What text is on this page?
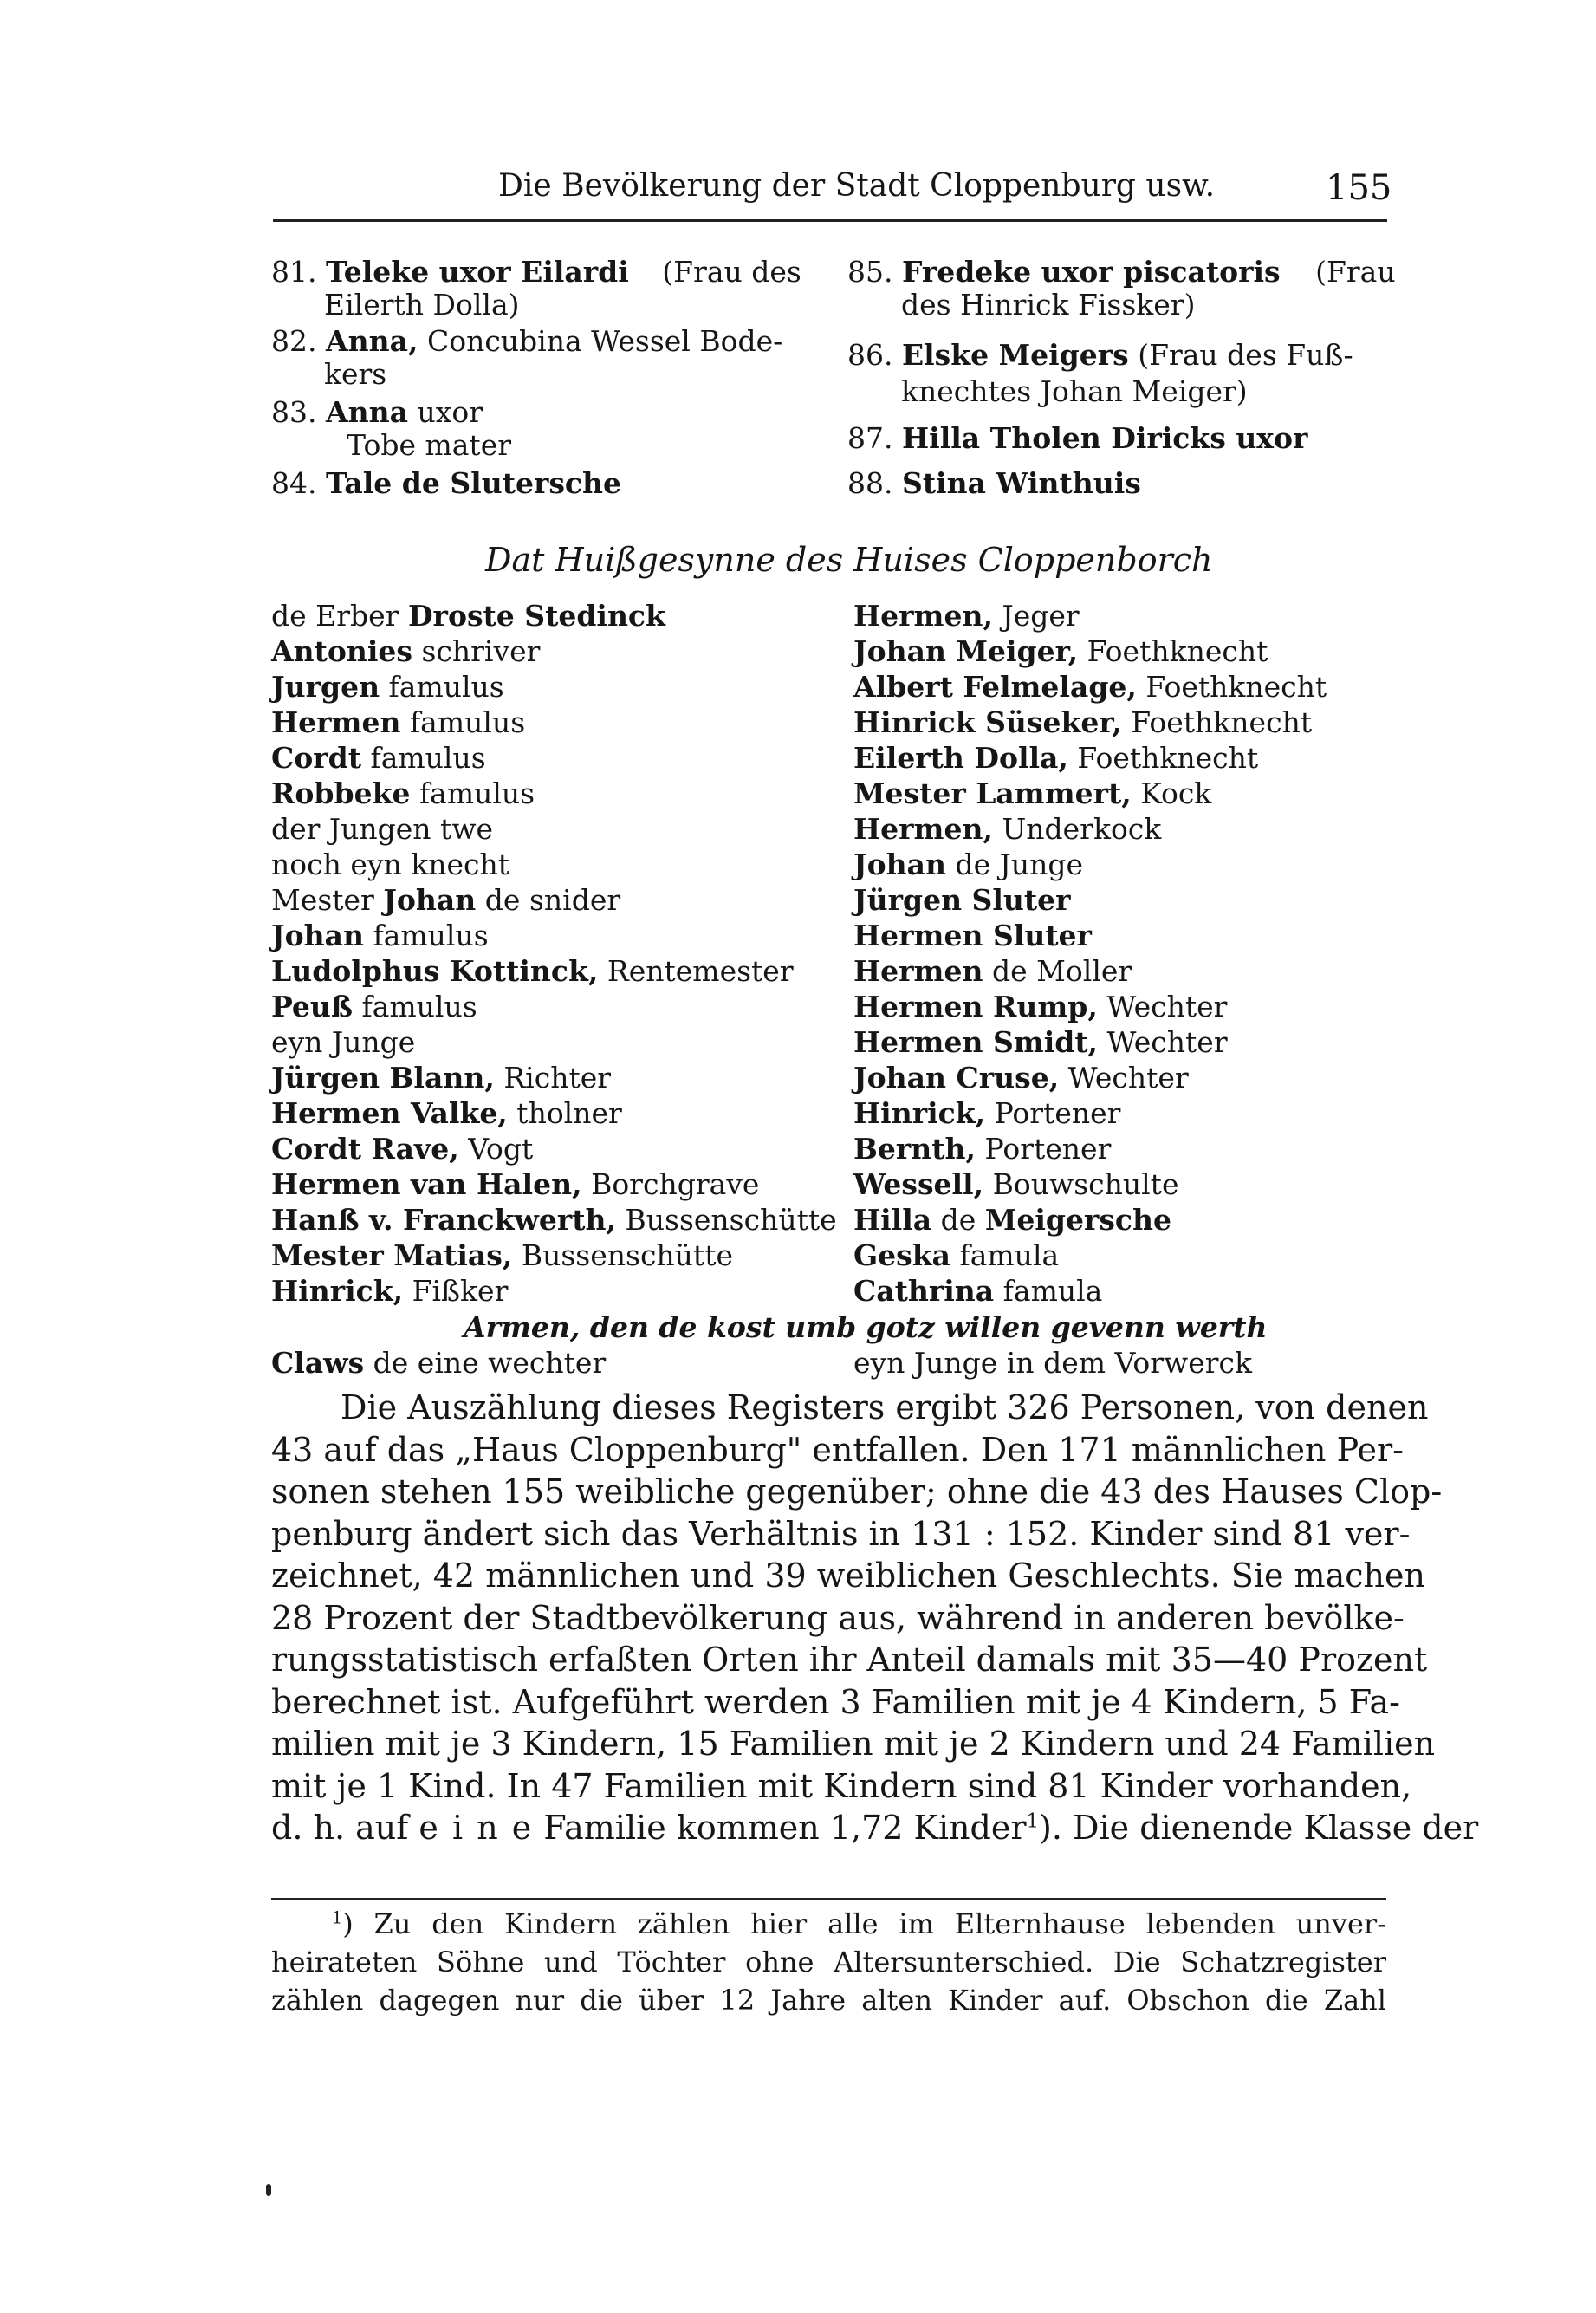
Die Bevölkerung der Stadt Cloppenburg usw.	155
81. Teleke uxor Eilardi (Frau des
Eilerth Dolla)
82. Anna, Concubina Wessel Bode-
kers
83. Anna uxor
Tobe mater
84. Tale de Slutersche
85. Fredeke uxor piscatoris (Frau
des Hinrick Fissker)
86. Elske Meigers (Frau des Fuß-
knechtes Johan Meiger)
87. Hilla Tholen Diricks uxor
88. Stina Winthuis
Dat Huißgesynne des Huises Cloppenborch
de Erber Droste Stedinck
Antonies schriver
Jurgen famulus
Hermen famulus
Cordt famulus
Robbeke famulus
der Jungen twe
noch eyn knecht
Mester Johan de snider
Johan famulus
Ludolphus Kottinck, Rentemester
Peuß famulus
eyn Junge
Jürgen Blann, Richter
Hermen Valke, tholner
Cordt Rave, Vogt
Hermen van Halen, Borchgrave
Hanß v. Franckwerth, Bussenschütte
Mester Matias, Bussenschütte
Hinrick, Fißker
Hermen, Jeger
Johan Meiger, Foethknecht
Albert Felmelage, Foethknecht
Hinrick Süseker, Foethknecht
Eilerth Dolla, Foethknecht
Mester Lammert, Kock
Hermen, Underkock
Johan de Junge
Jürgen Sluter
Hermen Sluter
Hermen de Moller
Hermen Rump, Wechter
Hermen Smidt, Wechter
Johan Cruse, Wechter
Hinrick, Portener
Bernth, Portener
Wessell, Bouwschulte
Hilla de Meigersche
Geska famula
Cathrina famula
Armen, den de kost umb gotz willen gevenn werth
Claws de eine wechter	eyn Junge in dem Vorwerck
Die Auszählung dieses Registers ergibt 326 Personen, von denen
43 auf das „Haus Cloppenburg" entfallen. Den 171 männlichen Per-
sonen stehen 155 weibliche gegenüber; ohne die 43 des Hauses Clop-
penburg ändert sich das Verhältnis in 131 : 152. Kinder sind 81 ver-
zeichnet, 42 männlichen und 39 weiblichen Geschlechts. Sie machen
28 Prozent der Stadtbevölkerung aus, während in anderen bevölke-
rungsstatistisch erfaßten Orten ihr Anteil damals mit 35—40 Prozent
berechnet ist. Aufgeführt werden 3 Familien mit je 4 Kindern, 5 Fa-
milien mit je 3 Kindern, 15 Familien mit je 2 Kindern und 24 Familien
mit je 1 Kind. In 47 Familien mit Kindern sind 81 Kinder vorhanden,
d. h. auf e i n e Familie kommen 1,72 Kinder$^1$). Die dienende Klasse der
$^1$) Zu den Kindern zählen hier alle im Elternhause lebenden unver-
heirateten Söhne und Töchter ohne Altersunterschied. Die Schatzregister
zählen dagegen nur die über 12 Jahre alten Kinder auf. Obschon die Zahl
